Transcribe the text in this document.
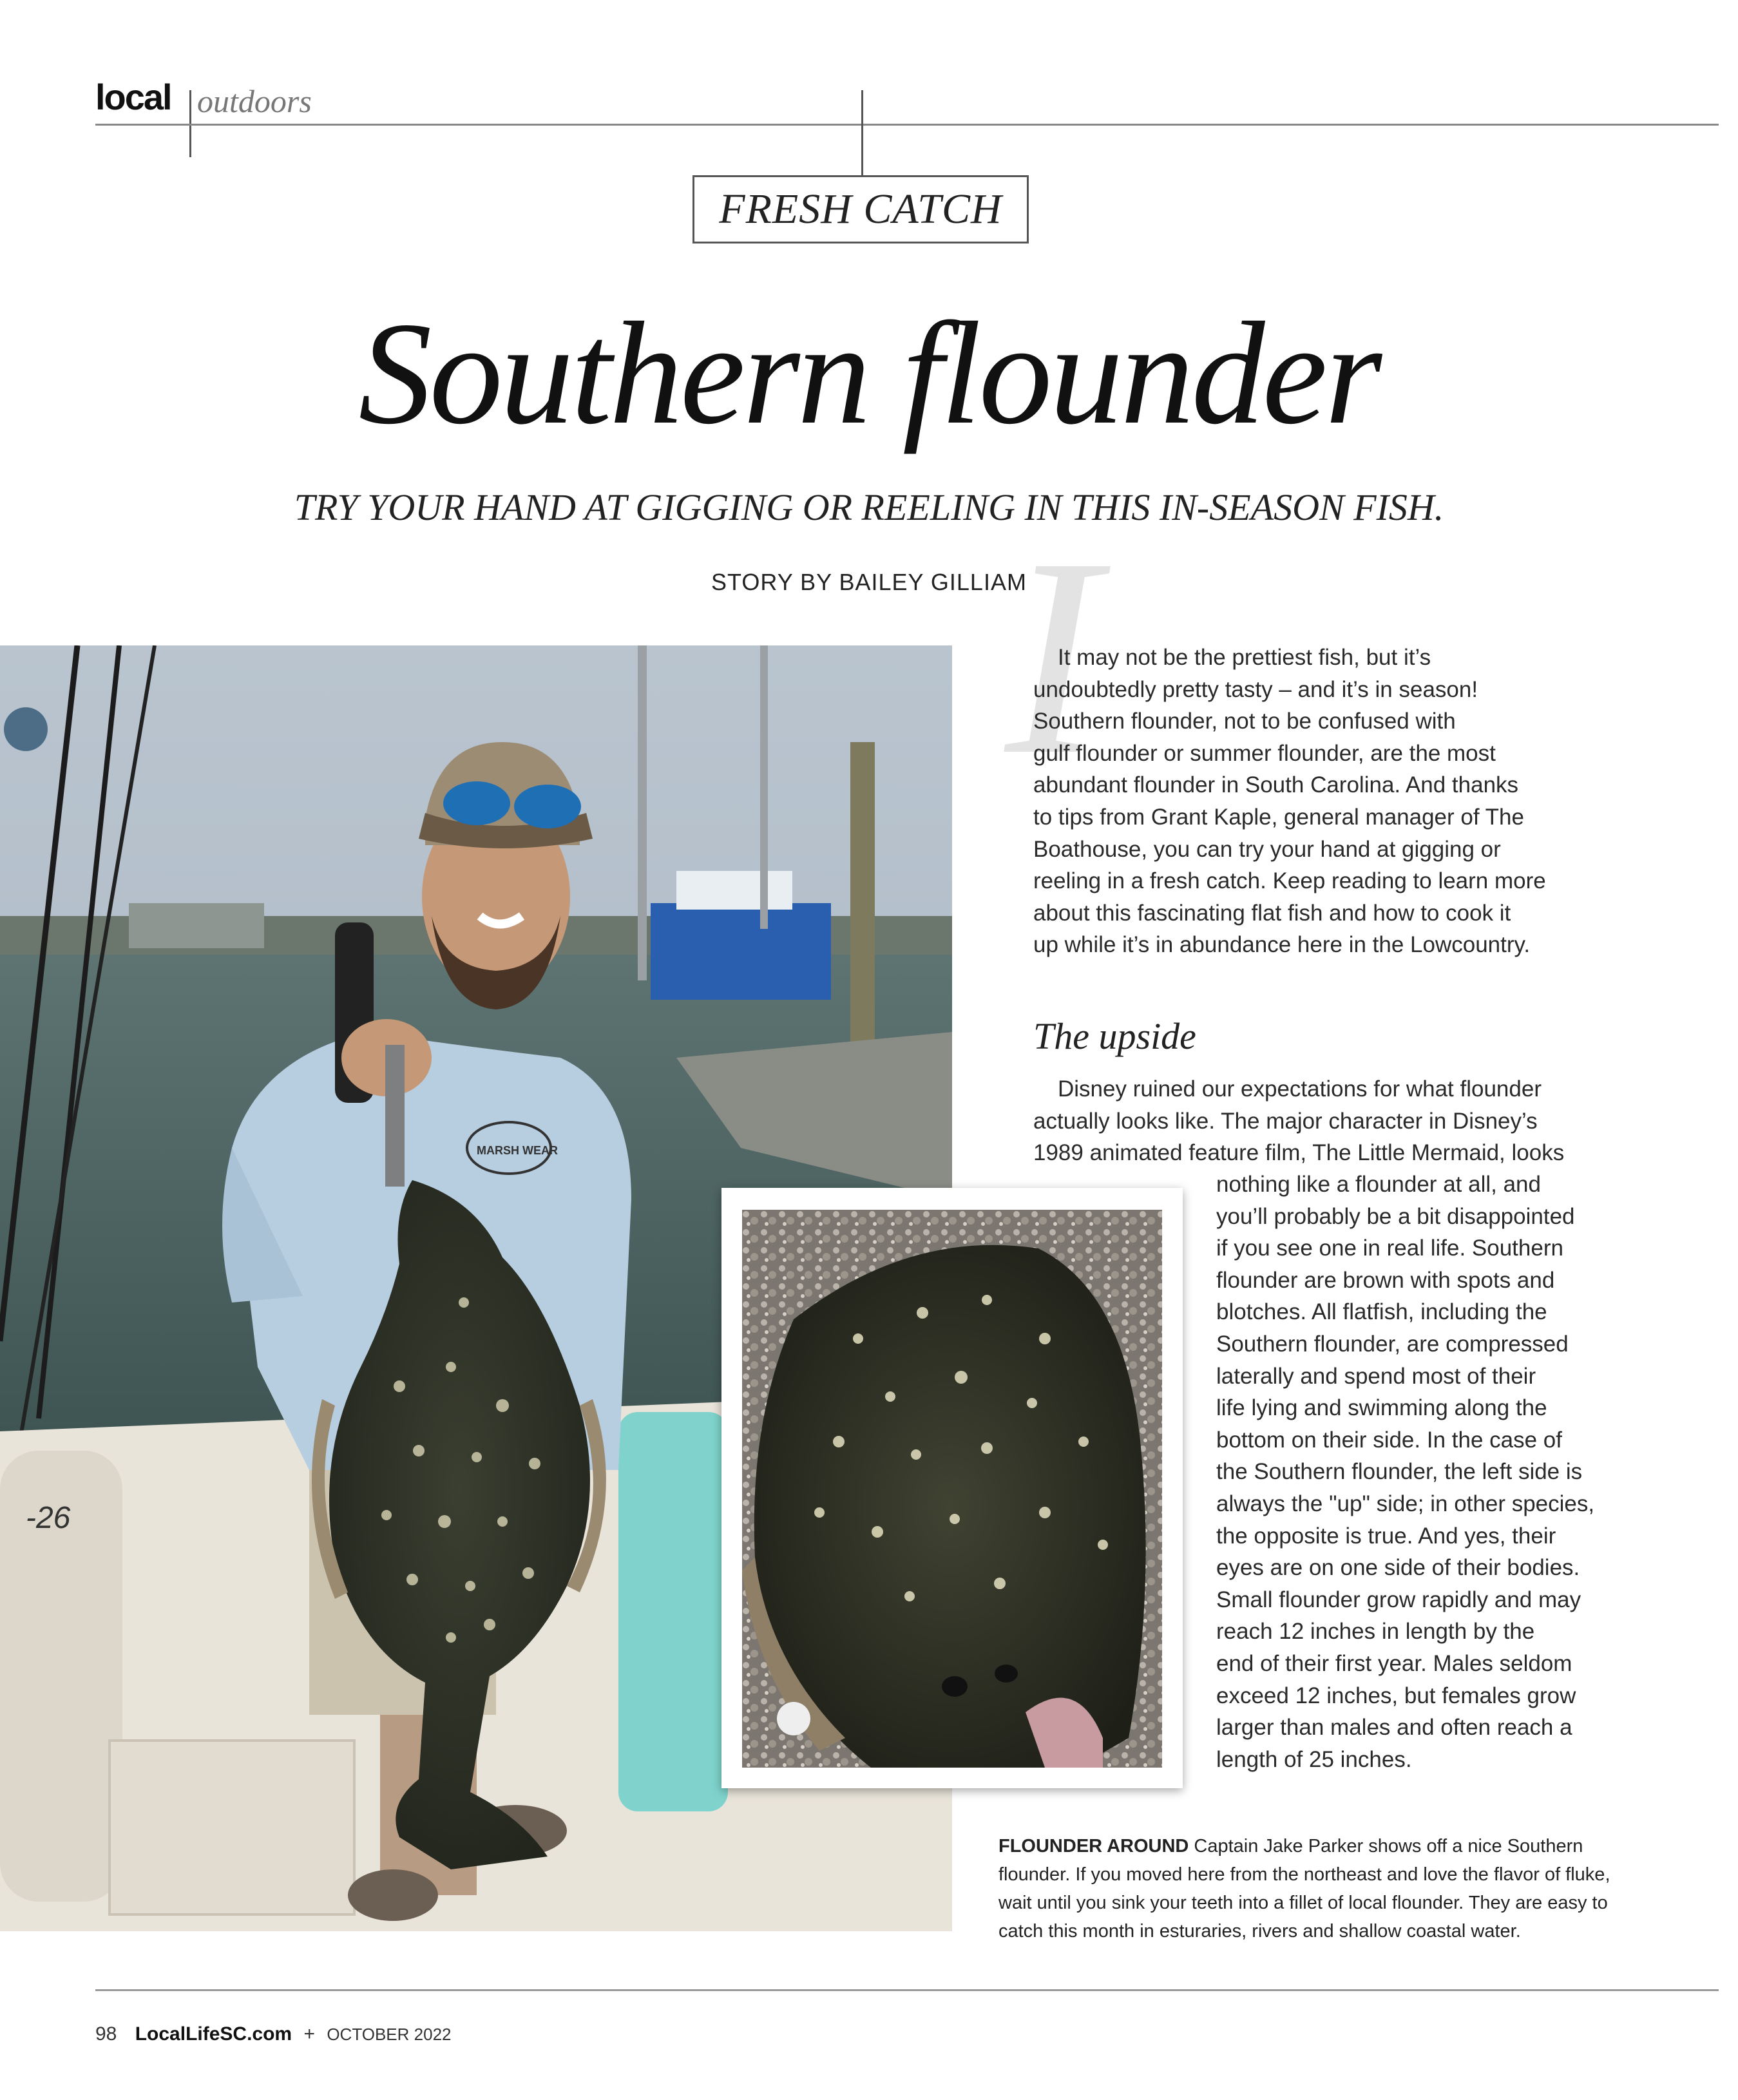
local outdoors
FRESH CATCH
Southern flounder
TRY YOUR HAND AT GIGGING OR REELING IN THIS IN-SEASON FISH.
STORY BY BAILEY GILLIAM
-26
MARSH WEAR
I
It may not be the prettiest fish, but it’s
undoubtedly pretty tasty – and it’s in season!
Southern flounder, not to be confused with
gulf flounder or summer flounder, are the most
abundant flounder in South Carolina. And thanks
to tips from Grant Kaple, general manager of The
Boathouse, you can try your hand at gigging or
reeling in a fresh catch. Keep reading to learn more
about this fascinating flat fish and how to cook it
up while it’s in abundance here in the Lowcountry.
The upside
Disney ruined our expectations for what flounder
actually looks like. The major character in Disney’s
1989 animated feature film, The Little Mermaid, looks
nothing like a flounder at all, and
you’ll probably be a bit disappointed
if you see one in real life. Southern
flounder are brown with spots and
blotches. All flatfish, including the
Southern flounder, are compressed
laterally and spend most of their
life lying and swimming along the
bottom on their side. In the case of
the Southern flounder, the left side is
always the "up" side; in other species,
the opposite is true. And yes, their
eyes are on one side of their bodies.
Small flounder grow rapidly and may
reach 12 inches in length by the
end of their first year. Males seldom
exceed 12 inches, but females grow
larger than males and often reach a
length of 25 inches.
FLOUNDER AROUND Captain Jake Parker shows off a nice Southern flounder. If you moved here from the northeast and love the flavor of fluke, wait until you sink your teeth into a fillet of local flounder. They are easy to catch this month in esturaries, rivers and shallow coastal water.
98 LocalLifeSC.com + OCTOBER 2022
